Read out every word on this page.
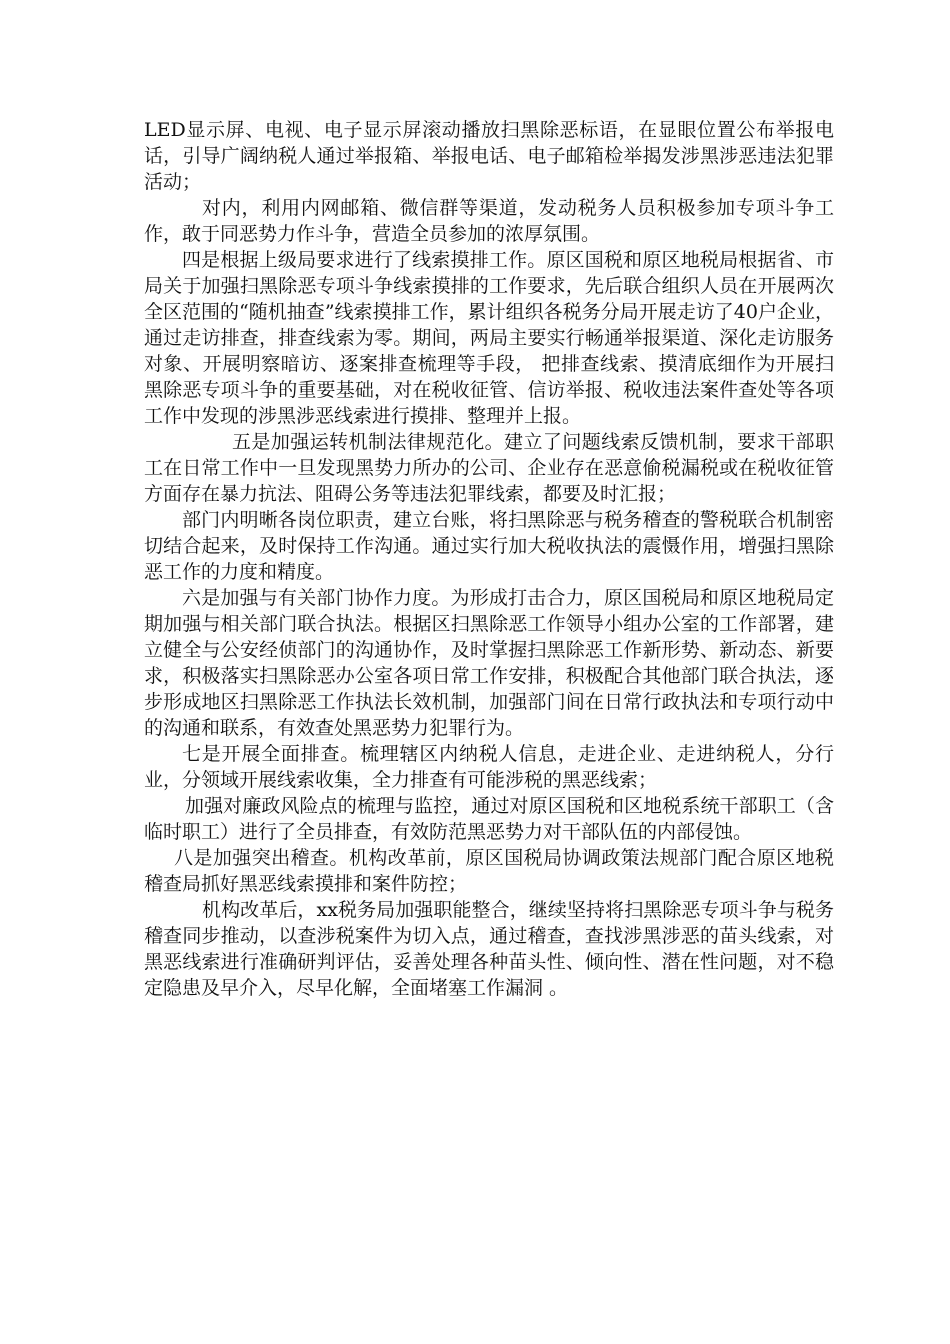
LED显示屏、电视、电子显示屏滚动播放扫黑除恶标语，在显眼位置公布举报电话，引导广阔纳税人通过举报箱、举报电话、电子邮箱检举揭发涉黑涉恶违法犯罪活动；

对内，利用内网邮箱、微信群等渠道，发动税务人员积极参加专项斗争工作，敢于同恶势力作斗争，营造全员参加的浓厚氛围。

四是根据上级局要求进行了线索摸排工作。原区国税和原区地税局根据省、市局关于加强扫黑除恶专项斗争线索摸排的工作要求，先后联合组织人员在开展两次全区范围的“随机抽查”线索摸排工作，累计组织各税务分局开展走访了40户企业，通过走访排查，排查线索为零。期间，两局主要实行畅通举报渠道、深化走访服务对象、开展明察暗访、逐案排查梳理等手段， 把排查线索、摸清底细作为开展扫黑除恶专项斗争的重要基础，对在税收征管、信访举报、税收违法案件查处等各项工作中发现的涉黑涉恶线索进行摸排、整理并上报。

五是加强运转机制法律规范化。建立了问题线索反馈机制，要求干部职工在日常工作中一旦发现黑势力所办的公司、企业存在恶意偷税漏税或在税收征管方面存在暴力抗法、阻碍公务等违法犯罪线索，都要及时汇报；

部门内明晰各岗位职责，建立台账，将扫黑除恶与税务稽查的警税联合机制密切结合起来，及时保持工作沟通。通过实行加大税收执法的震慑作用，增强扫黑除恶工作的力度和精度。

六是加强与有关部门协作力度。为形成打击合力，原区国税局和原区地税局定期加强与相关部门联合执法。根据区扫黑除恶工作领导小组办公室的工作部署，建立健全与公安经侦部门的沟通协作，及时掌握扫黑除恶工作新形势、新动态、新要求，积极落实扫黑除恶办公室各项日常工作安排，积极配合其他部门联合执法，逐步形成地区扫黑除恶工作执法长效机制，加强部门间在日常行政执法和专项行动中的沟通和联系，有效查处黑恶势力犯罪行为。

七是开展全面排查。梳理辖区内纳税人信息，走进企业、走进纳税人，分行业，分领域开展线索收集，全力排查有可能涉税的黑恶线索；

加强对廉政风险点的梳理与监控，通过对原区国税和区地税系统干部职工（含临时职工）进行了全员排查，有效防范黑恶势力对干部队伍的内部侵蚀。

八是加强突出稽查。机构改革前，原区国税局协调政策法规部门配合原区地税稽查局抓好黑恶线索摸排和案件防控；

机构改革后，xx税务局加强职能整合，继续坚持将扫黑除恶专项斗争与税务稽查同步推动，以查涉税案件为切入点，通过稽查，查找涉黑涉恶的苗头线索，对黑恶线索进行准确研判评估，妥善处理各种苗头性、倾向性、潜在性问题，对不稳定隐患及早介入，尽早化解，全面堵塞工作漏洞 。
